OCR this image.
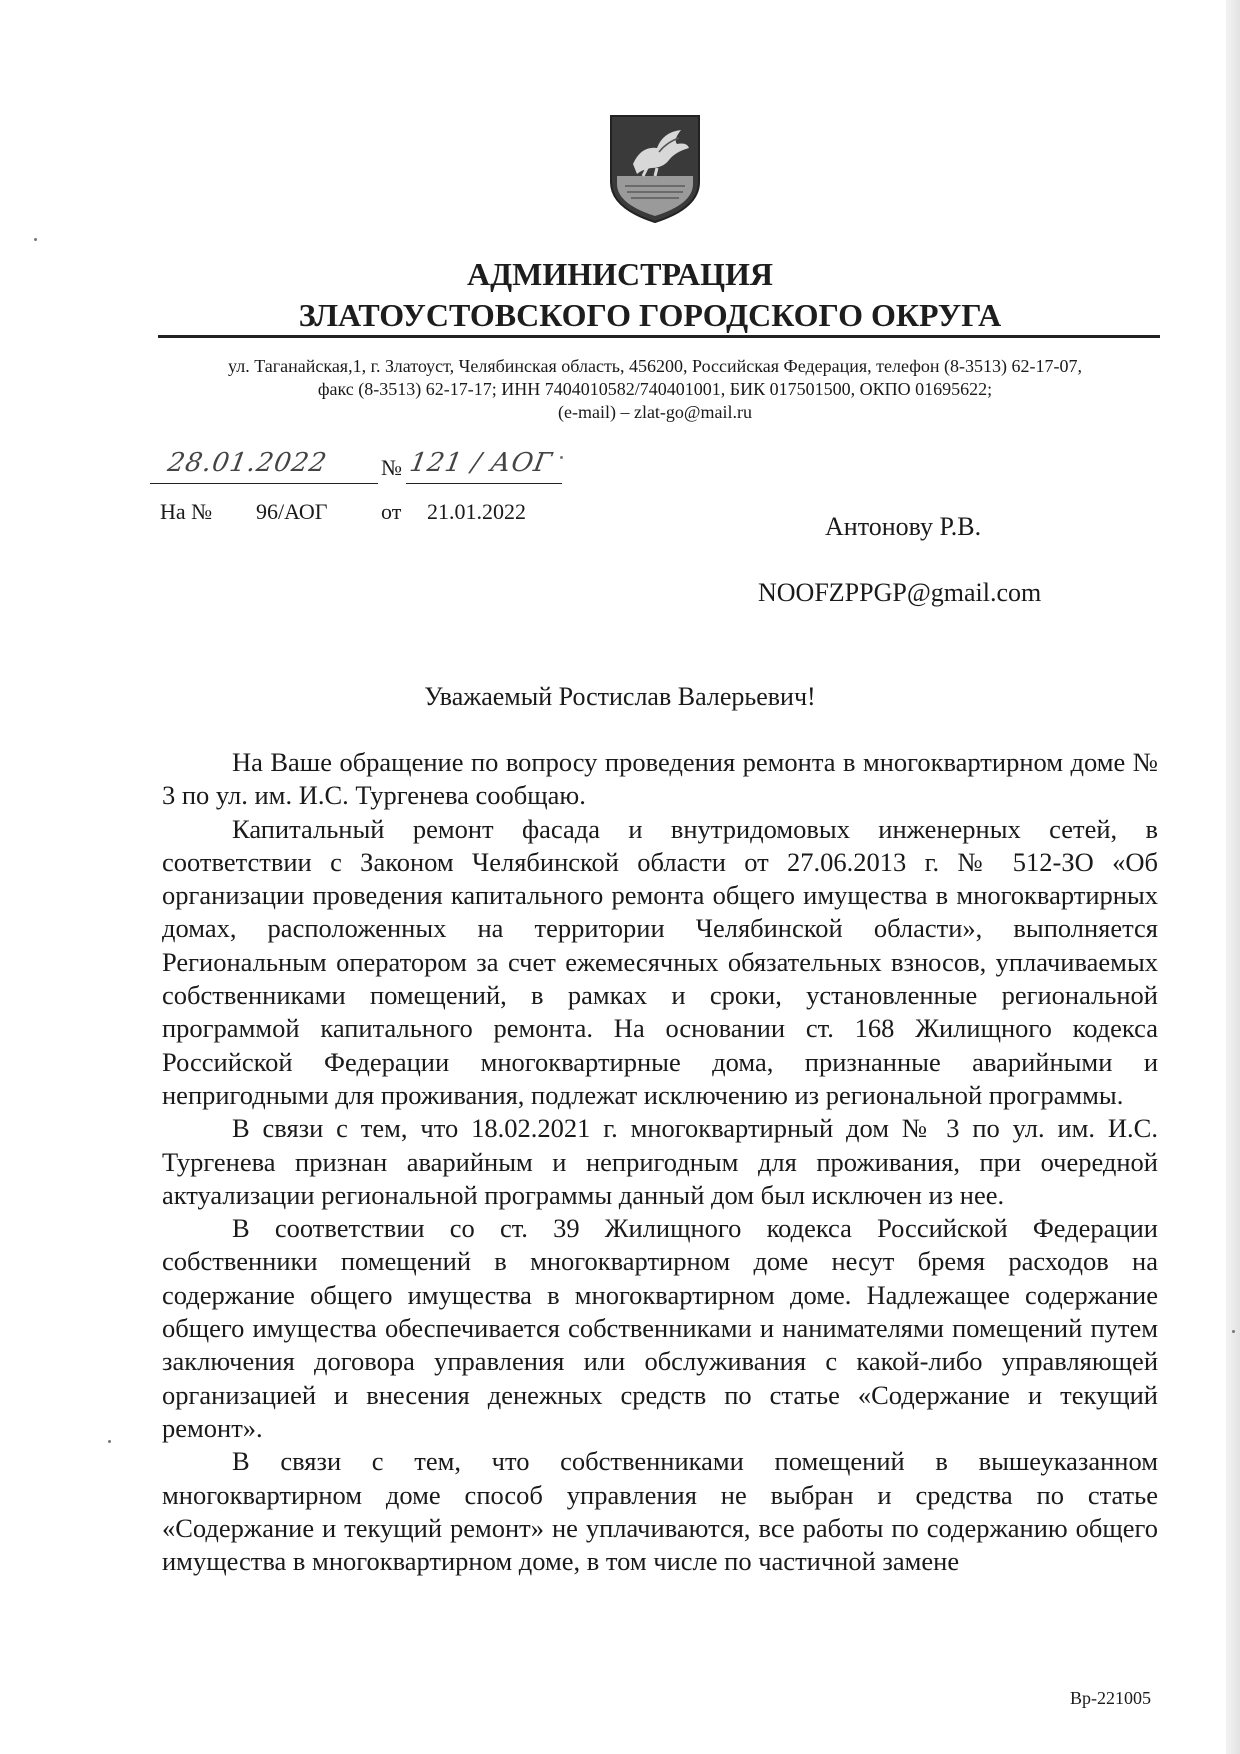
АДМИНИСТРАЦИЯ
ЗЛАТОУСТОВСКОГО ГОРОДСКОГО ОКРУГА
ул. Таганайская,1, г. Златоуст, Челябинская область, 456200, Российская Федерация, телефон (8-3513) 62-17-07,
факс (8-3513) 62-17-17; ИНН 7404010582/740401001, БИК 017501500, ОКПО 01695622;
(e-mail) – zlat-go@mail.ru
28.01.2022 № 121 / АОГ
На № 96/АОГ от 21.01.2022
Антонову Р.В.
NOOFZPPGP@gmail.com
Уважаемый Ростислав Валерьевич!

На Ваше обращение по вопросу проведения ремонта в многоквартирном доме № 3 по ул. им. И.С. Тургенева сообщаю.

Капитальный ремонт фасада и внутридомовых инженерных сетей, в соответствии с Законом Челябинской области от 27.06.2013 г. № 512-ЗО «Об организации проведения капитального ремонта общего имущества в многоквартирных домах, расположенных на территории Челябинской области», выполняется Региональным оператором за счет ежемесячных обязательных взносов, уплачиваемых собственниками помещений, в рамках и сроки, установленные региональной программой капитального ремонта. На основании ст. 168 Жилищного кодекса Российской Федерации многоквартирные дома, признанные аварийными и непригодными для проживания, подлежат исключению из региональной программы.

В связи с тем, что 18.02.2021 г. многоквартирный дом № 3 по ул. им. И.С. Тургенева признан аварийным и непригодным для проживания, при очередной актуализации региональной программы данный дом был исключен из нее.

В соответствии со ст. 39 Жилищного кодекса Российской Федерации собственники помещений в многоквартирном доме несут бремя расходов на содержание общего имущества в многоквартирном доме. Надлежащее содержание общего имущества обеспечивается собственниками и нанимателями помещений путем заключения договора управления или обслуживания с какой-либо управляющей организацией и внесения денежных средств по статье «Содержание и текущий ремонт».

В связи с тем, что собственниками помещений в вышеуказанном многоквартирном доме способ управления не выбран и средства по статье «Содержание и текущий ремонт» не уплачиваются, все работы по содержанию общего имущества в многоквартирном доме, в том числе по частичной замене

Вр-221005
